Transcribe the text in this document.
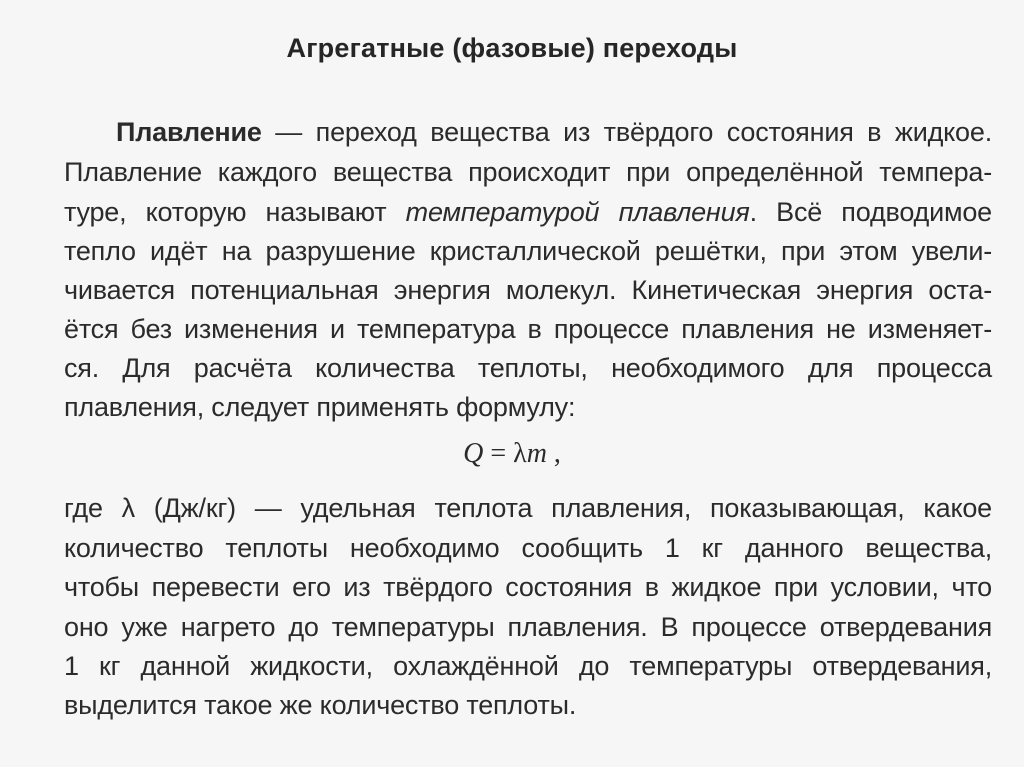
Агрегатные (фазовые) переходы
Плавление — переход вещества из твёрдого состояния в жидкое.
Плавление каждого вещества происходит при определённой темпера-
туре, которую называют температурой плавления. Всё подводимое
тепло идёт на разрушение кристаллической решётки, при этом увели-
чивается потенциальная энергия молекул. Кинетическая энергия оста-
ётся без изменения и температура в процессе плавления не изменяет-
ся. Для расчёта количества теплоты, необходимого для процесса
плавления, следует применять формулу:
Q = λm ,
где λ (Дж/кг) — удельная теплота плавления, показывающая, какое
количество теплоты необходимо сообщить 1 кг данного вещества,
чтобы перевести его из твёрдого состояния в жидкое при условии, что
оно уже нагрето до температуры плавления. В процессе отвердевания
1 кг данной жидкости, охлаждённой до температуры отвердевания,
выделится такое же количество теплоты.
